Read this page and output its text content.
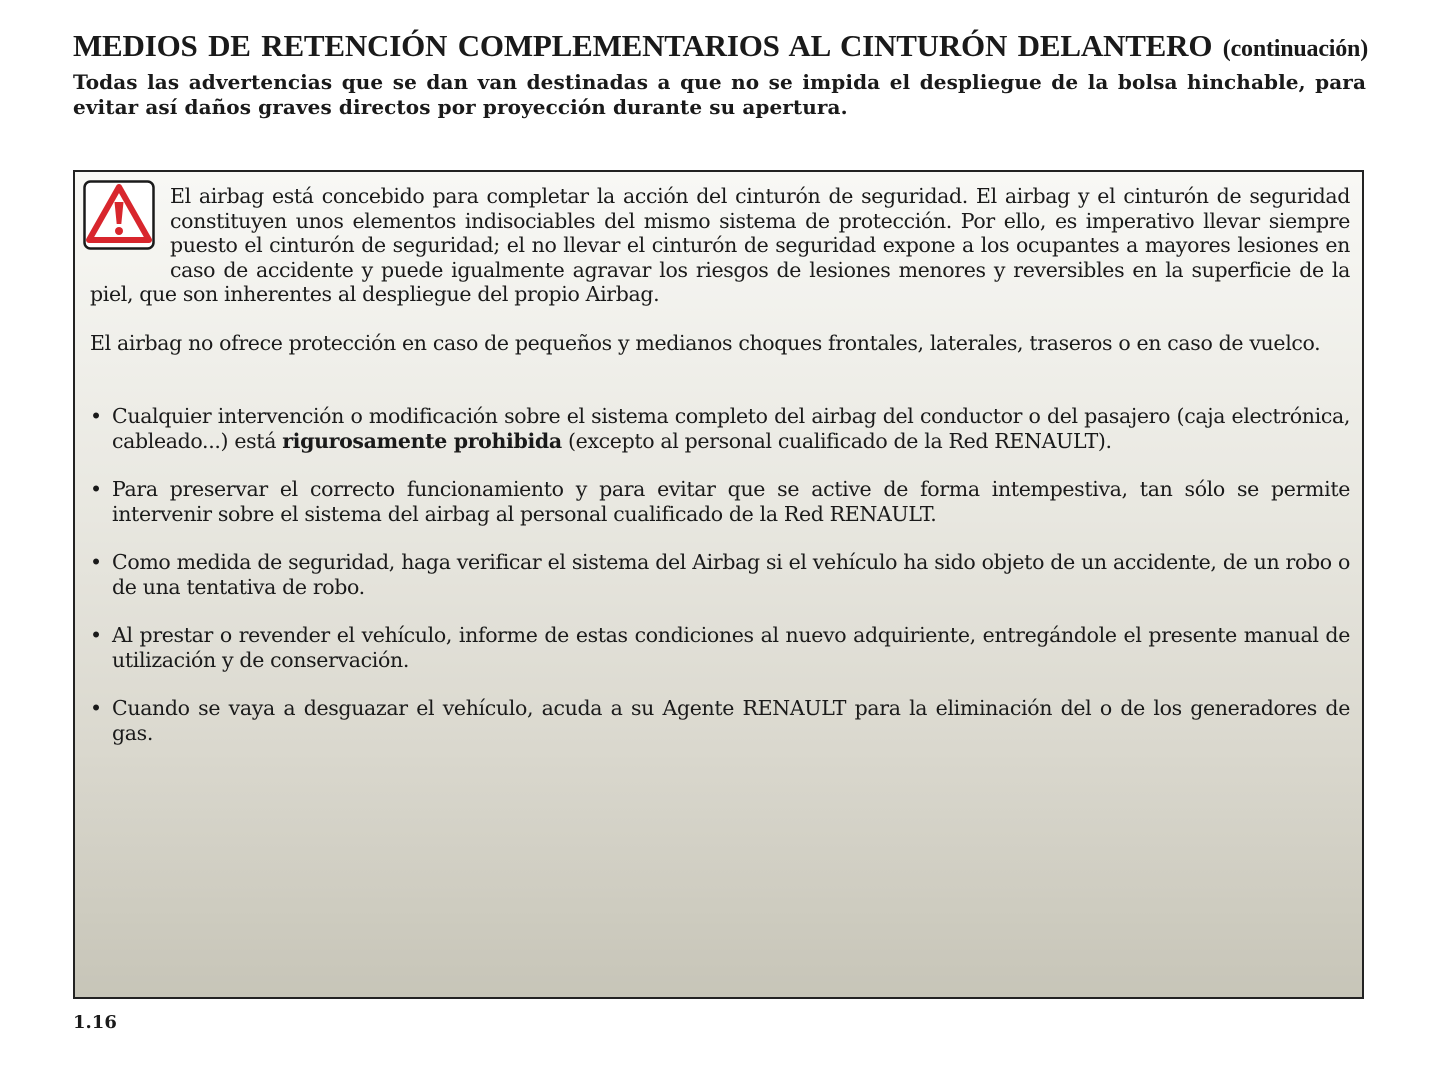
MEDIOS DE RETENCIÓN COMPLEMENTARIOS AL CINTURÓN DELANTERO (continuación)
Todas las advertencias que se dan van destinadas a que no se impida el despliegue de la bolsa hinchable, para evitar así daños graves directos por proyección durante su apertura.

El airbag está concebido para completar la acción del cinturón de seguridad. El airbag y el cinturón de seguridad constituyen unos elementos indisociables del mismo sistema de protección. Por ello, es imperativo llevar siempre puesto el cinturón de seguridad; el no llevar el cinturón de seguridad expone a los ocupantes a mayores lesiones en caso de accidente y puede igualmente agravar los riesgos de lesiones menores y reversibles en la superficie de la piel, que son inherentes al despliegue del propio Airbag.

El airbag no ofrece protección en caso de pequeños y medianos choques frontales, laterales, traseros o en caso de vuelco.

• Cualquier intervención o modificación sobre el sistema completo del airbag del conductor o del pasajero (caja electrónica, cableado...) está rigurosamente prohibida (excepto al personal cualificado de la Red RENAULT).
• Para preservar el correcto funcionamiento y para evitar que se active de forma intempestiva, tan sólo se permite intervenir sobre el sistema del airbag al personal cualificado de la Red RENAULT.
• Como medida de seguridad, haga verificar el sistema del Airbag si el vehículo ha sido objeto de un accidente, de un robo o de una tentativa de robo.
• Al prestar o revender el vehículo, informe de estas condiciones al nuevo adquiriente, entregándole el presente manual de utilización y de conservación.
• Cuando se vaya a desguazar el vehículo, acuda a su Agente RENAULT para la eliminación del o de los generadores de gas.
1.16
